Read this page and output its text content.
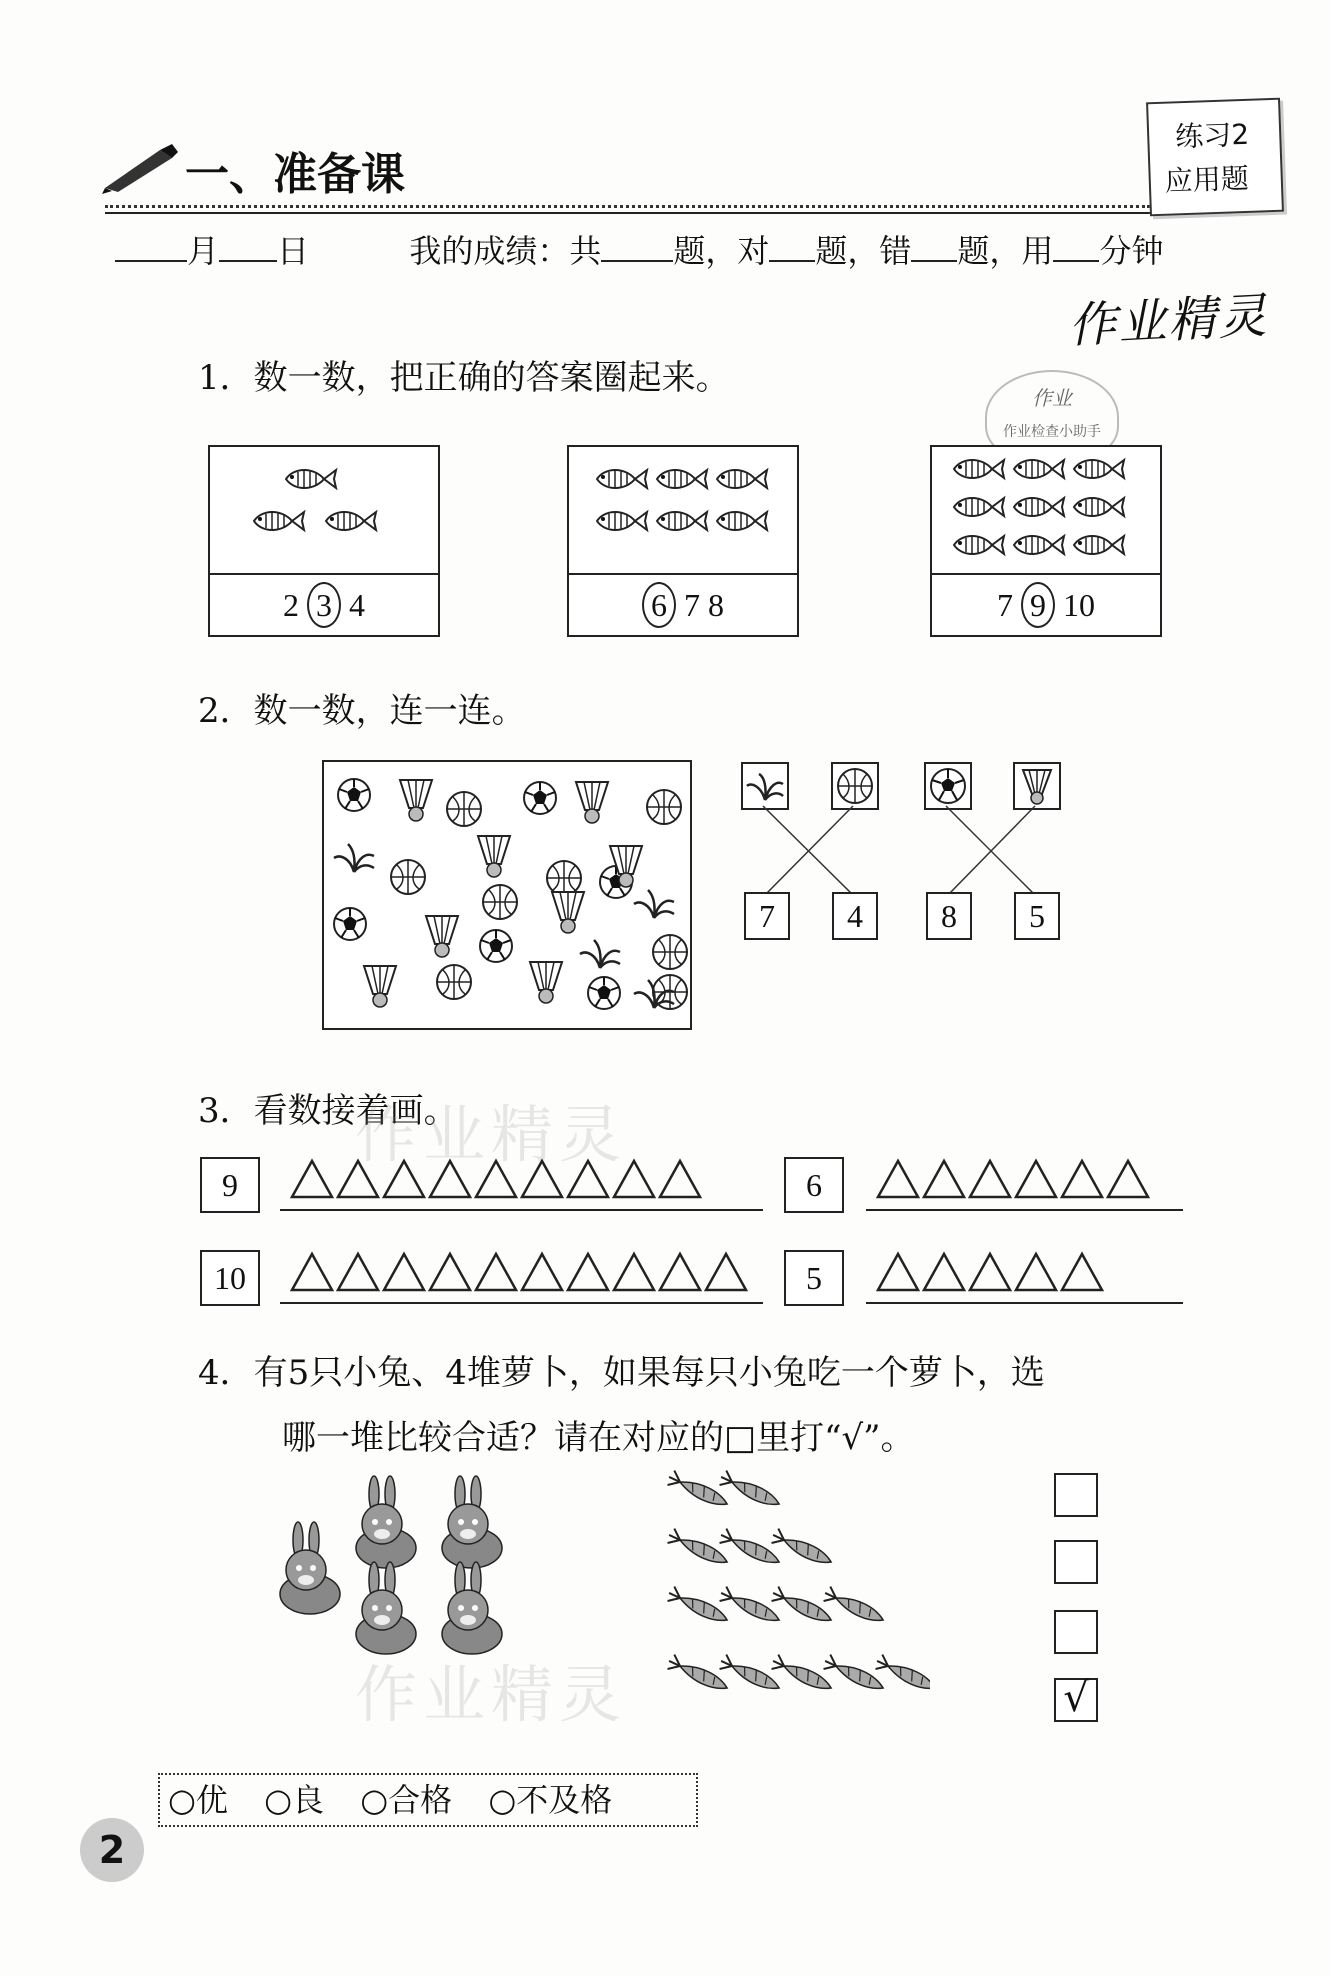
一、准备课
练习2
应用题
月 日	我的成绩：共 题，对 题，错 题，用 分钟
作业精灵
作业
作业检查小助手
1．数一数，把正确的答案圈起来。
2 3 4	6 7 8	7 9 10
2．数一数，连一连。
7	4	8	5
3．看数接着画。
作业精灵
9	6
10	5
4．有5只小兔、4堆萝卜，如果每只小兔吃一个萝卜，选
哪一堆比较合适？请在对应的□里打“√”。
√
作业精灵
○优 ○良 ○合格 ○不及格
2
